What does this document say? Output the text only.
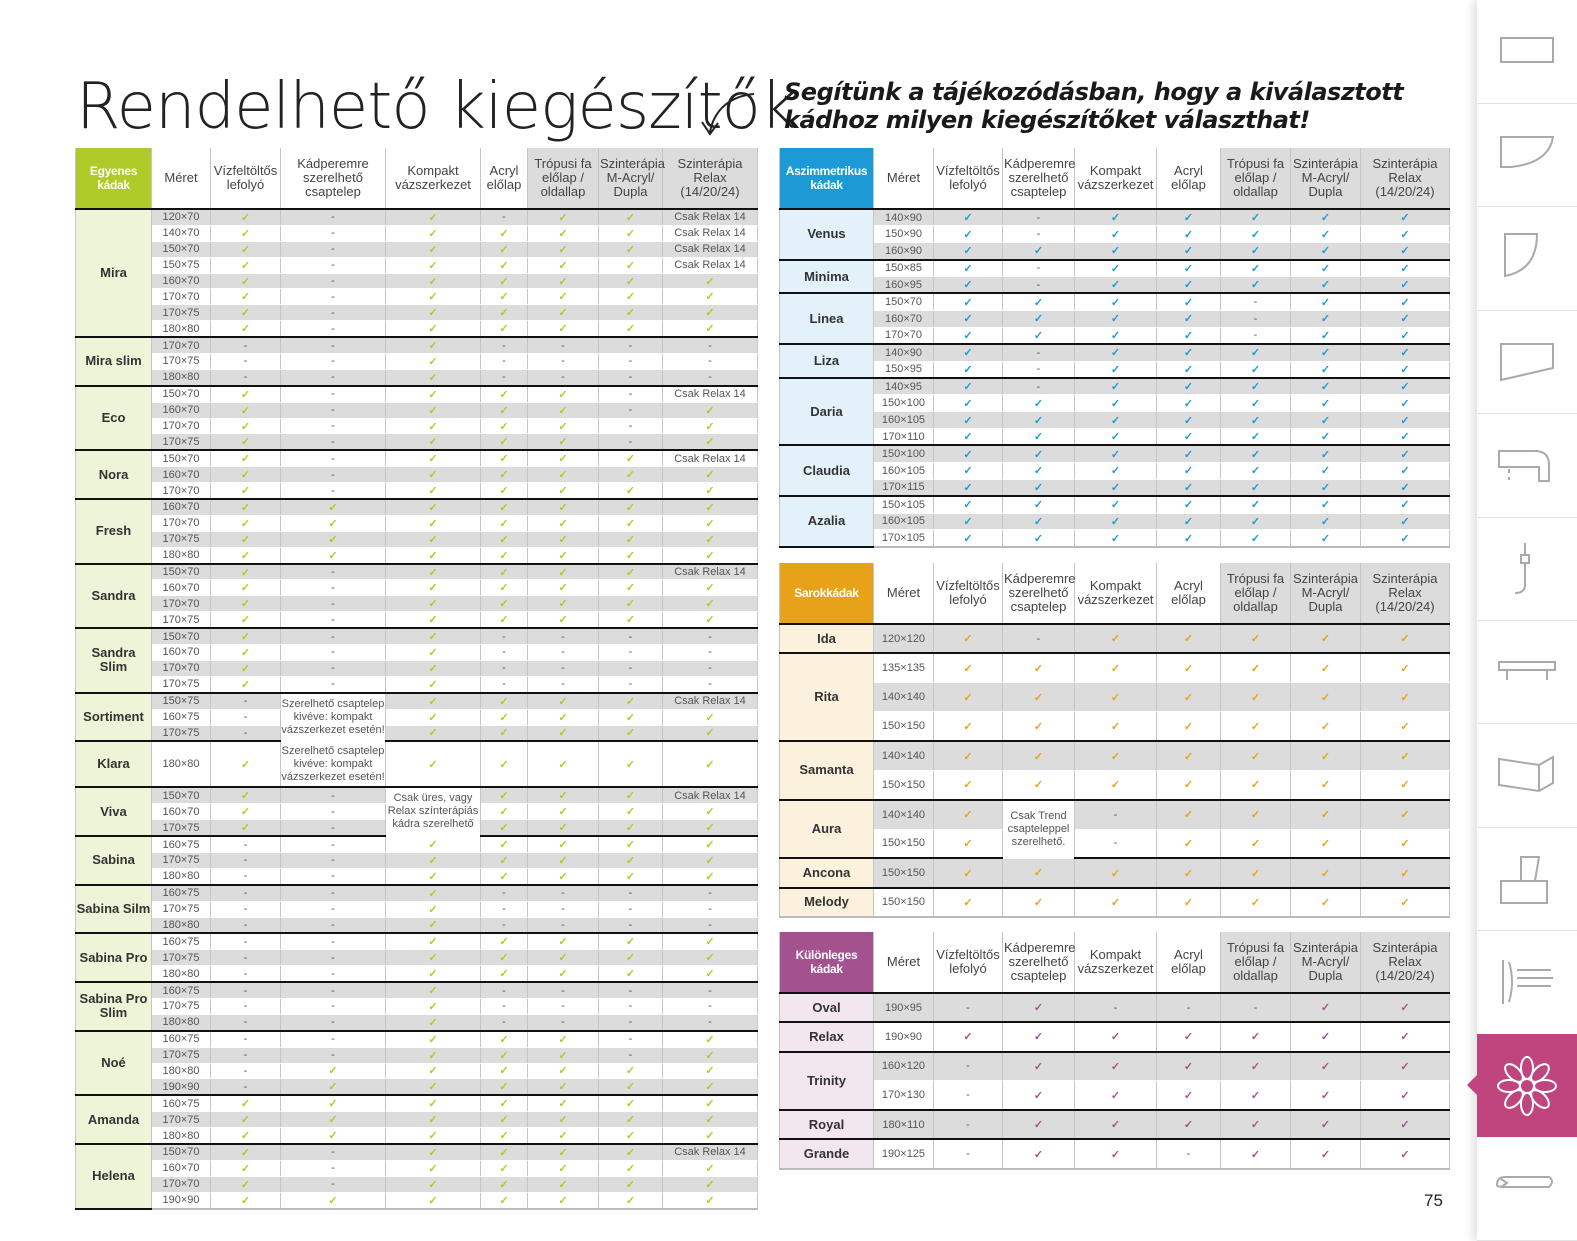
Rendelhető kiegészítők
Segítünk a tájékozódásban, hogy a kiválasztott kádhoz milyen kiegészítőket választhat!
Egyenes kádak	Méret	Vízfeltöltős lefolyó	Kádperemre szerelhető csaptelep	Kompakt vázszerkezet	Acryl előlap	Trópusi fa előlap / oldallap	Szinterápia M-Acryl/ Dupla	Szinterápia Relax (14/20/24)
Mira	120×70	✓	-	✓	-	✓	✓	Csak Relax 14
	140×70	✓	-	✓	✓	✓	✓	Csak Relax 14
	150×70	✓	-	✓	✓	✓	✓	Csak Relax 14
	150×75	✓	-	✓	✓	✓	✓	Csak Relax 14
	160×70	✓	-	✓	✓	✓	✓	✓
	170×70	✓	-	✓	✓	✓	✓	✓
	170×75	✓	-	✓	✓	✓	✓	✓
	180×80	✓	-	✓	✓	✓	✓	✓
Mira slim	170×70	-	-	✓	-	-	-	-
	170×75	-	-	✓	-	-	-	-
	180×80	-	-	✓	-	-	-	-
Eco	150×70	✓	-	✓	✓	✓	-	Csak Relax 14
	160×70	✓	-	✓	✓	✓	-	✓
	170×70	✓	-	✓	✓	✓	-	✓
	170×75	✓	-	✓	✓	✓	-	✓
Nora	150×70	✓	-	✓	✓	✓	✓	Csak Relax 14
	160×70	✓	-	✓	✓	✓	✓	✓
	170×70	✓	-	✓	✓	✓	✓	✓
Fresh	160×70	✓	✓	✓	✓	✓	✓	✓
	170×70	✓	✓	✓	✓	✓	✓	✓
	170×75	✓	✓	✓	✓	✓	✓	✓
	180×80	✓	✓	✓	✓	✓	✓	✓
Sandra	150×70	✓	-	✓	✓	✓	✓	Csak Relax 14
	160×70	✓	-	✓	✓	✓	✓	✓
	170×70	✓	-	✓	✓	✓	✓	✓
	170×75	✓	-	✓	✓	✓	✓	✓
Sandra Slim	150×70	✓	-	✓	-	-	-	-
	160×70	✓	-	✓	-	-	-	-
	170×70	✓	-	✓	-	-	-	-
	170×75	✓	-	✓	-	-	-	-
Sortiment	150×75	-	Szerelhető csaptelep kivéve: kompakt vázszerkezet esetén!	✓	✓	✓	✓	Csak Relax 14
	160×75	-		✓	✓	✓	✓	✓
	170×75	-		✓	✓	✓	✓	✓
Klara	180×80	✓	Szerelhető csaptelep kivéve: kompakt vázszerkezet esetén!	✓	✓	✓	✓	✓
Viva	150×70	✓	-	Csak üres, vagy Relax színterápiás kádra szerelhető	✓	✓	✓	Csak Relax 14
	160×70	✓	-		✓	✓	✓	✓
	170×75	✓	-		✓	✓	✓	✓
Sabina	160×75	-	-	✓	✓	✓	✓	✓
	170×75	-	-	✓	✓	✓	✓	✓
	180×80	-	-	✓	✓	✓	✓	✓
Sabina Silm	160×75	-	-	✓	-	-	-	-
	170×75	-	-	✓	-	-	-	-
	180×80	-	-	✓	-	-	-	-
Sabina Pro	160×75	-	-	✓	✓	✓	✓	✓
	170×75	-	-	✓	✓	✓	✓	✓
	180×80	-	-	✓	✓	✓	✓	✓
Sabina Pro Slim	160×75	-	-	✓	-	-	-	-
	170×75	-	-	✓	-	-	-	-
	180×80	-	-	✓	-	-	-	-
Noé	160×75	-	-	✓	✓	✓	-	✓
	170×75	-	-	✓	✓	✓	-	✓
	180×80	-	✓	✓	✓	✓	✓	✓
	190×90	-	✓	✓	✓	✓	✓	✓
Amanda	160×75	✓	✓	✓	✓	✓	✓	✓
	170×75	✓	✓	✓	✓	✓	✓	✓
	180×80	✓	✓	✓	✓	✓	✓	✓
Helena	150×70	✓	-	✓	✓	✓	✓	Csak Relax 14
	160×70	✓	-	✓	✓	✓	✓	✓
	170×70	✓	-	✓	✓	✓	✓	✓
	190×90	✓	✓	✓	✓	✓	✓	✓
Aszimmetrikus kádak	Méret	Vízfeltöltős lefolyó	Kádperemre szerelhető csaptelep	Kompakt vázszerkezet	Acryl előlap	Trópusi fa előlap / oldallap	Szinterápia M-Acryl/ Dupla	Szinterápia Relax (14/20/24)
Venus	140×90	✓	-	✓	✓	✓	✓	✓
	150×90	✓	-	✓	✓	✓	✓	✓
	160×90	✓	✓	✓	✓	✓	✓	✓
Minima	150×85	✓	-	✓	✓	✓	✓	✓
	160×95	✓	-	✓	✓	✓	✓	✓
Linea	150×70	✓	✓	✓	✓	-	✓	✓
	160×70	✓	✓	✓	✓	-	✓	✓
	170×70	✓	✓	✓	✓	-	✓	✓
Liza	140×90	✓	-	✓	✓	✓	✓	✓
	150×95	✓	-	✓	✓	✓	✓	✓
Daria	140×95	✓	-	✓	✓	✓	✓	✓
	150×100	✓	✓	✓	✓	✓	✓	✓
	160×105	✓	✓	✓	✓	✓	✓	✓
	170×110	✓	✓	✓	✓	✓	✓	✓
Claudia	150×100	✓	✓	✓	✓	✓	✓	✓
	160×105	✓	✓	✓	✓	✓	✓	✓
	170×115	✓	✓	✓	✓	✓	✓	✓
Azalia	150×105	✓	✓	✓	✓	✓	✓	✓
	160×105	✓	✓	✓	✓	✓	✓	✓
	170×105	✓	✓	✓	✓	✓	✓	✓
Sarokkádak	Méret	Vízfeltöltős lefolyó	Kádperemre szerelhető csaptelep	Kompakt vázszerkezet	Acryl előlap	Trópusi fa előlap / oldallap	Szinterápia M-Acryl/ Dupla	Szinterápia Relax (14/20/24)
Ida	120×120	✓	-	✓	✓	✓	✓	✓
Rita	135×135	✓	✓	✓	✓	✓	✓	✓
	140×140	✓	✓	✓	✓	✓	✓	✓
	150×150	✓	✓	✓	✓	✓	✓	✓
Samanta	140×140	✓	✓	✓	✓	✓	✓	✓
	150×150	✓	✓	✓	✓	✓	✓	✓
Aura	140×140	✓	Csak Trend csapteleppel szerelhető.	-	✓	✓	✓	✓
	150×150	✓		-	✓	✓	✓	✓
Ancona	150×150	✓	✓	✓	✓	✓	✓	✓
Melody	150×150	✓	✓	✓	✓	✓	✓	✓
Különleges kádak	Méret	Vízfeltöltős lefolyó	Kádperemre szerelhető csaptelep	Kompakt vázszerkezet	Acryl előlap	Trópusi fa előlap / oldallap	Szinterápia M-Acryl/ Dupla	Szinterápia Relax (14/20/24)
Oval	190×95	-	✓	-	-	-	✓	✓
Relax	190×90	✓	✓	✓	✓	✓	✓	✓
Trinity	160×120	-	✓	✓	✓	✓	✓	✓
	170×130	-	✓	✓	✓	✓	✓	✓
Royal	180×110	-	✓	✓	✓	✓	✓	✓
Grande	190×125	-	✓	✓	-	✓	✓	✓
75
